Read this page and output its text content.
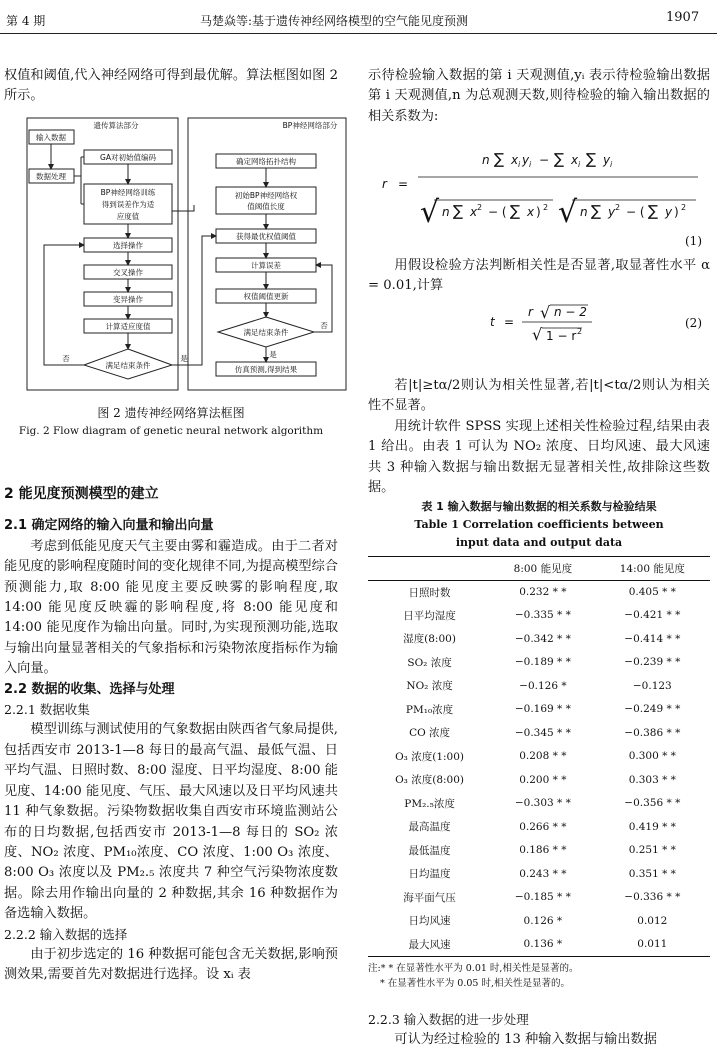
第 4 期	马楚焱等:基于遗传神经网络模型的空气能见度预测	1907

权值和阈值,代入神经网络可得到最优解。算法框图如图 2 所示。

遗传算法部分	BP神经网络部分
输入数据
数据处理
GA对初始值编码
BP神经网络训练
得到误差作为适
应度值
选择操作
交叉操作
变异操作
计算适应度值
满足结束条件
否	是
确定网络拓扑结构
初始BP神经网络权
值阈值长度
获得最优权值阈值
计算误差
权值阈值更新
满足结束条件
否
是
仿真预测,得到结果
图 2 遗传神经网络算法框图
Fig. 2 Flow diagram of genetic neural network algorithm
2 能见度预测模型的建立
2.1 确定网络的输入向量和输出向量

考虑到低能见度天气主要由雾和霾造成。由于二者对能见度的影响程度随时间的变化规律不同,为提高模型综合预测能力,取 8:00 能见度主要反映雾的影响程度,取 14:00 能见度反映霾的影响程度,将 8:00 能见度和 14:00 能见度作为输出向量。同时,为实现预测功能,选取与输出向量显著相关的气象指标和污染物浓度指标作为输入向量。

2.2 数据的收集、选择与处理
2.2.1 数据收集

模型训练与测试使用的气象数据由陕西省气象局提供,包括西安市 2013-1—8 每日的最高气温、最低气温、日平均气温、日照时数、8:00 湿度、日平均湿度、8:00 能见度、14:00 能见度、气压、最大风速以及日平均风速共 11 种气象数据。污染物数据收集自西安市环境监测站公布的日均数据,包括西安市 2013-1—8 每日的 SO₂ 浓度、NO₂ 浓度、PM₁₀浓度、CO 浓度、1:00 O₃ 浓度、8:00 O₃ 浓度以及 PM₂.₅ 浓度共 7 种空气污染物浓度数据。除去用作输出向量的 2 种数据,其余 16 种数据作为备选输入数据。

2.2.2 输入数据的选择

由于初步选定的 16 种数据可能包含无关数据,影响预测效果,需要首先对数据进行选择。设 xᵢ 表

示待检验输入数据的第 i 天观测值,yᵢ 表示待检验输出数据第 i 天观测值,n 为总观测天数,则待检验的输入输出数据的相关系数为:

r =
n ∑ x i y i − ∑ x i ∑ y i
√ n ∑ x 2 − ( ∑ x ) 2 √ n ∑ y 2 − ( ∑ y ) 2
(1)

用假设检验方法判断相关性是否显著,取显著性水平 α = 0.01,计算

t =
r √ n − 2
√ 1 − r 2
(2)

若|t|≥tα/2则认为相关性显著,若|t|<tα/2则认为相关性不显著。

用统计软件 SPSS 实现上述相关性检验过程,结果由表 1 给出。由表 1 可认为 NO₂ 浓度、日均风速、最大风速共 3 种输入数据与输出数据无显著相关性,故排除这些数据。

表 1 输入数据与输出数据的相关系数与检验结果
Table 1 Correlation coefficients between
input data and output data
	8:00 能见度	14:00 能见度
日照时数	0.232 * *	0.405 * *
日平均湿度	−0.335 * *	−0.421 * *
湿度(8:00)	−0.342 * *	−0.414 * *
SO₂ 浓度	−0.189 * *	−0.239 * *
NO₂ 浓度	−0.126 *	−0.123
PM₁₀浓度	−0.169 * *	−0.249 * *
CO 浓度	−0.345 * *	−0.386 * *
O₃ 浓度(1:00)	0.208 * *	0.300 * *
O₃ 浓度(8:00)	0.200 * *	0.303 * *
PM₂.₅浓度	−0.303 * *	−0.356 * *
最高温度	0.266 * *	0.419 * *
最低温度	0.186 * *	0.251 * *
日均温度	0.243 * *	0.351 * *
海平面气压	−0.185 * *	−0.336 * *
日均风速	0.126 *	0.012
最大风速	0.136 *	0.011
注:* * 在显著性水平为 0.01 时,相关性是显著的。
* 在显著性水平为 0.05 时,相关性是显著的。
2.2.3 输入数据的进一步处理

可认为经过检验的 13 种输入数据与输出数据
